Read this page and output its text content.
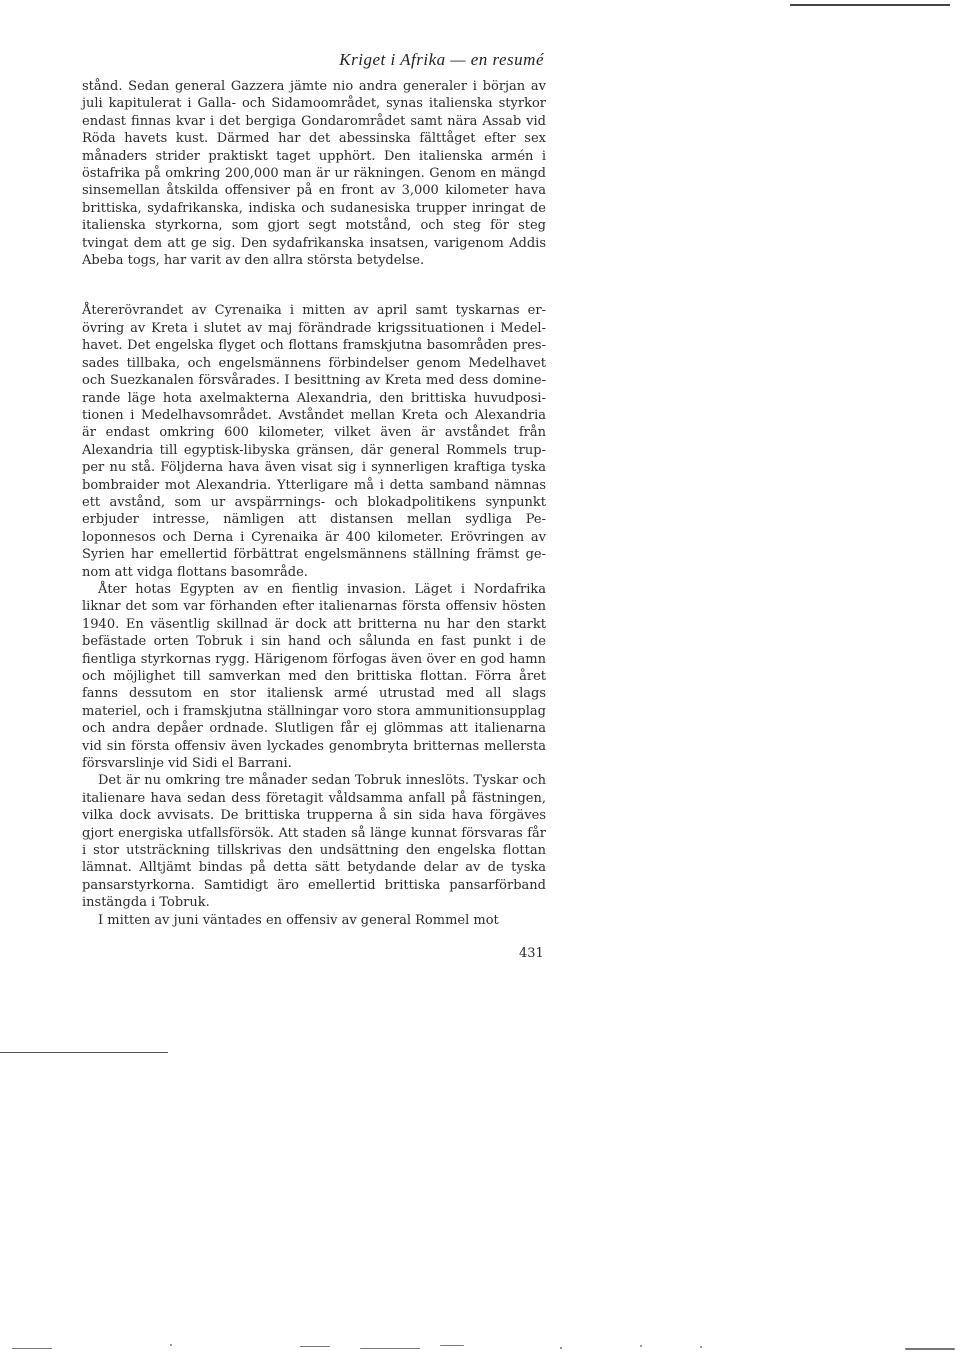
Kriget i Afrika — en resumé

stånd. Sedan general Gazzera jämte nio andra generaler i början av juli kapitulerat i Galla- och Sidamoområdet, synas italienska styrkor endast finnas kvar i det bergiga Gondarområdet samt nära Assab vid Röda havets kust. Därmed har det abessinska fälttåget efter sex månaders strider praktiskt taget upphört. Den italienska armén i östafrika på omkring 200,000 man är ur räkningen. Genom en mängd sinsemellan åtskilda offensiver på en front av 3,000 kilometer hava brittiska, sydafrikanska, indiska och sudanesiska trupper inringat de italienska styrkorna, som gjort segt motstånd, och steg för steg tvingat dem att ge sig. Den sydafrikanska insatsen, varigenom Addis Abeba togs, har varit av den allra största betydelse.

Återerövrandet av Cyrenaika i mitten av april samt tyskarnas erövring av Kreta i slutet av maj förändrade krigssituationen i Medelhavet. Det engelska flyget och flottans framskjutna basområden pressades tillbaka, och engelsmännens förbindelser genom Medelhavet och Suezkanalen försvårades. I besittning av Kreta med dess dominerande läge hota axelmakterna Alexandria, den brittiska huvudpositionen i Medelhavsområdet. Avståndet mellan Kreta och Alexandria är endast omkring 600 kilometer, vilket även är avståndet från Alexandria till egyptisk-libyska gränsen, där general Rommels trupper nu stå. Följderna hava även visat sig i synnerligen kraftiga tyska bombraider mot Alexandria. Ytterligare må i detta samband nämnas ett avstånd, som ur avspärrnings- och blokadpolitikens synpunkt erbjuder intresse, nämligen att distansen mellan sydliga Peloponnesos och Derna i Cyrenaika är 400 kilometer. Erövringen av Syrien har emellertid förbättrat engelsmännens ställning främst genom att vidga flottans basområde.

Åter hotas Egypten av en fientlig invasion. Läget i Nordafrika liknar det som var förhanden efter italienarnas första offensiv hösten 1940. En väsentlig skillnad är dock att britterna nu har den starkt befästade orten Tobruk i sin hand och sålunda en fast punkt i de fientliga styrkornas rygg. Härigenom förfogas även över en god hamn och möjlighet till samverkan med den brittiska flottan. Förra året fanns dessutom en stor italiensk armé utrustad med all slags materiel, och i framskjutna ställningar voro stora ammunitionsupplag och andra depåer ordnade. Slutligen får ej glömmas att italienarna vid sin första offensiv även lyckades genombryta britternas mellersta försvarslinje vid Sidi el Barrani.

Det är nu omkring tre månader sedan Tobruk inneslöts. Tyskar och italienare hava sedan dess företagit våldsamma anfall på fästningen, vilka dock avvisats. De brittiska trupperna å sin sida hava förgäves gjort energiska utfallsförsök. Att staden så länge kunnat försvaras får i stor utsträckning tillskrivas den undsättning den engelska flottan lämnat. Alltjämt bindas på detta sätt betydande delar av de tyska pansarstyrkorna. Samtidigt äro emellertid brittiska pansarförband instängda i Tobruk.

I mitten av juni väntades en offensiv av general Rommel mot

431
